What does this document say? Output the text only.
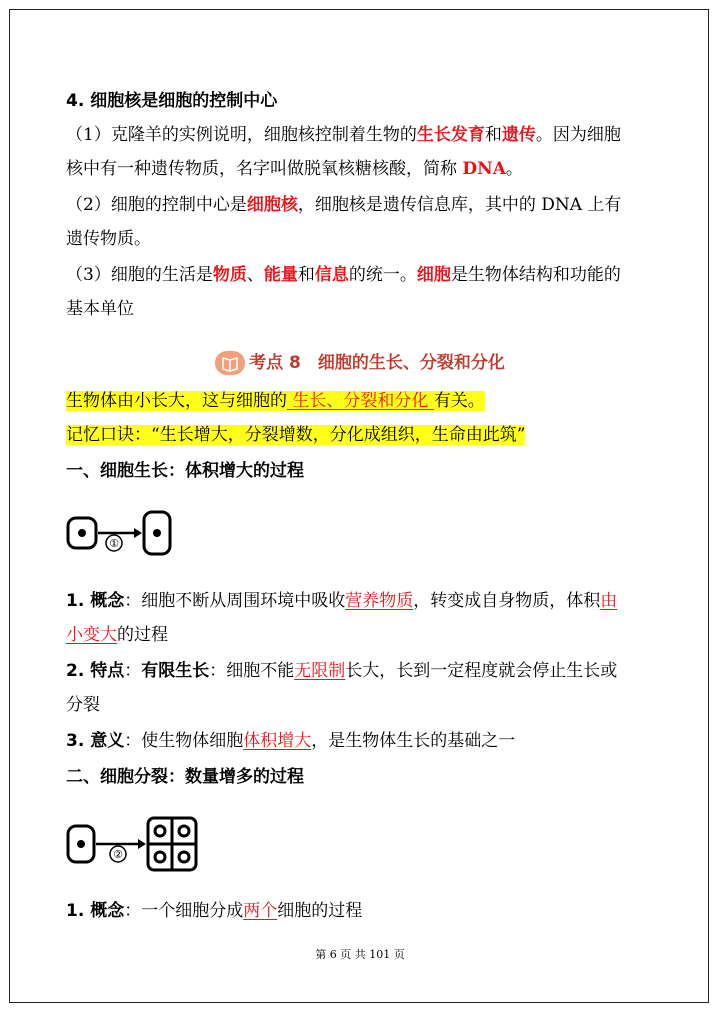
4. 细胞核是细胞的控制中心
（1）克隆羊的实例说明，细胞核控制着生物的生长发育和遗传。因为细胞
核中有一种遗传物质，名字叫做脱氧核糖核酸，简称 DNA。
（2）细胞的控制中心是细胞核，细胞核是遗传信息库，其中的 DNA 上有
遗传物质。
（3）细胞的生活是物质、能量和信息的统一。细胞是生物体结构和功能的
基本单位
考点 8　细胞的生长、分裂和分化
生物体由小长大，这与细胞的 生长、分裂和分化 有关。
记忆口诀：“生长增大，分裂增数，分化成组织，生命由此筑”
一、细胞生长：体积增大的过程
①
1. 概念：细胞不断从周围环境中吸收营养物质，转变成自身物质，体积由
小变大的过程
2. 特点：有限生长：细胞不能无限制长大，长到一定程度就会停止生长或
分裂
3. 意义：使生物体细胞体积增大，是生物体生长的基础之一
二、细胞分裂：数量增多的过程
②
1. 概念：一个细胞分成两个细胞的过程
第 6 页 共 101 页
